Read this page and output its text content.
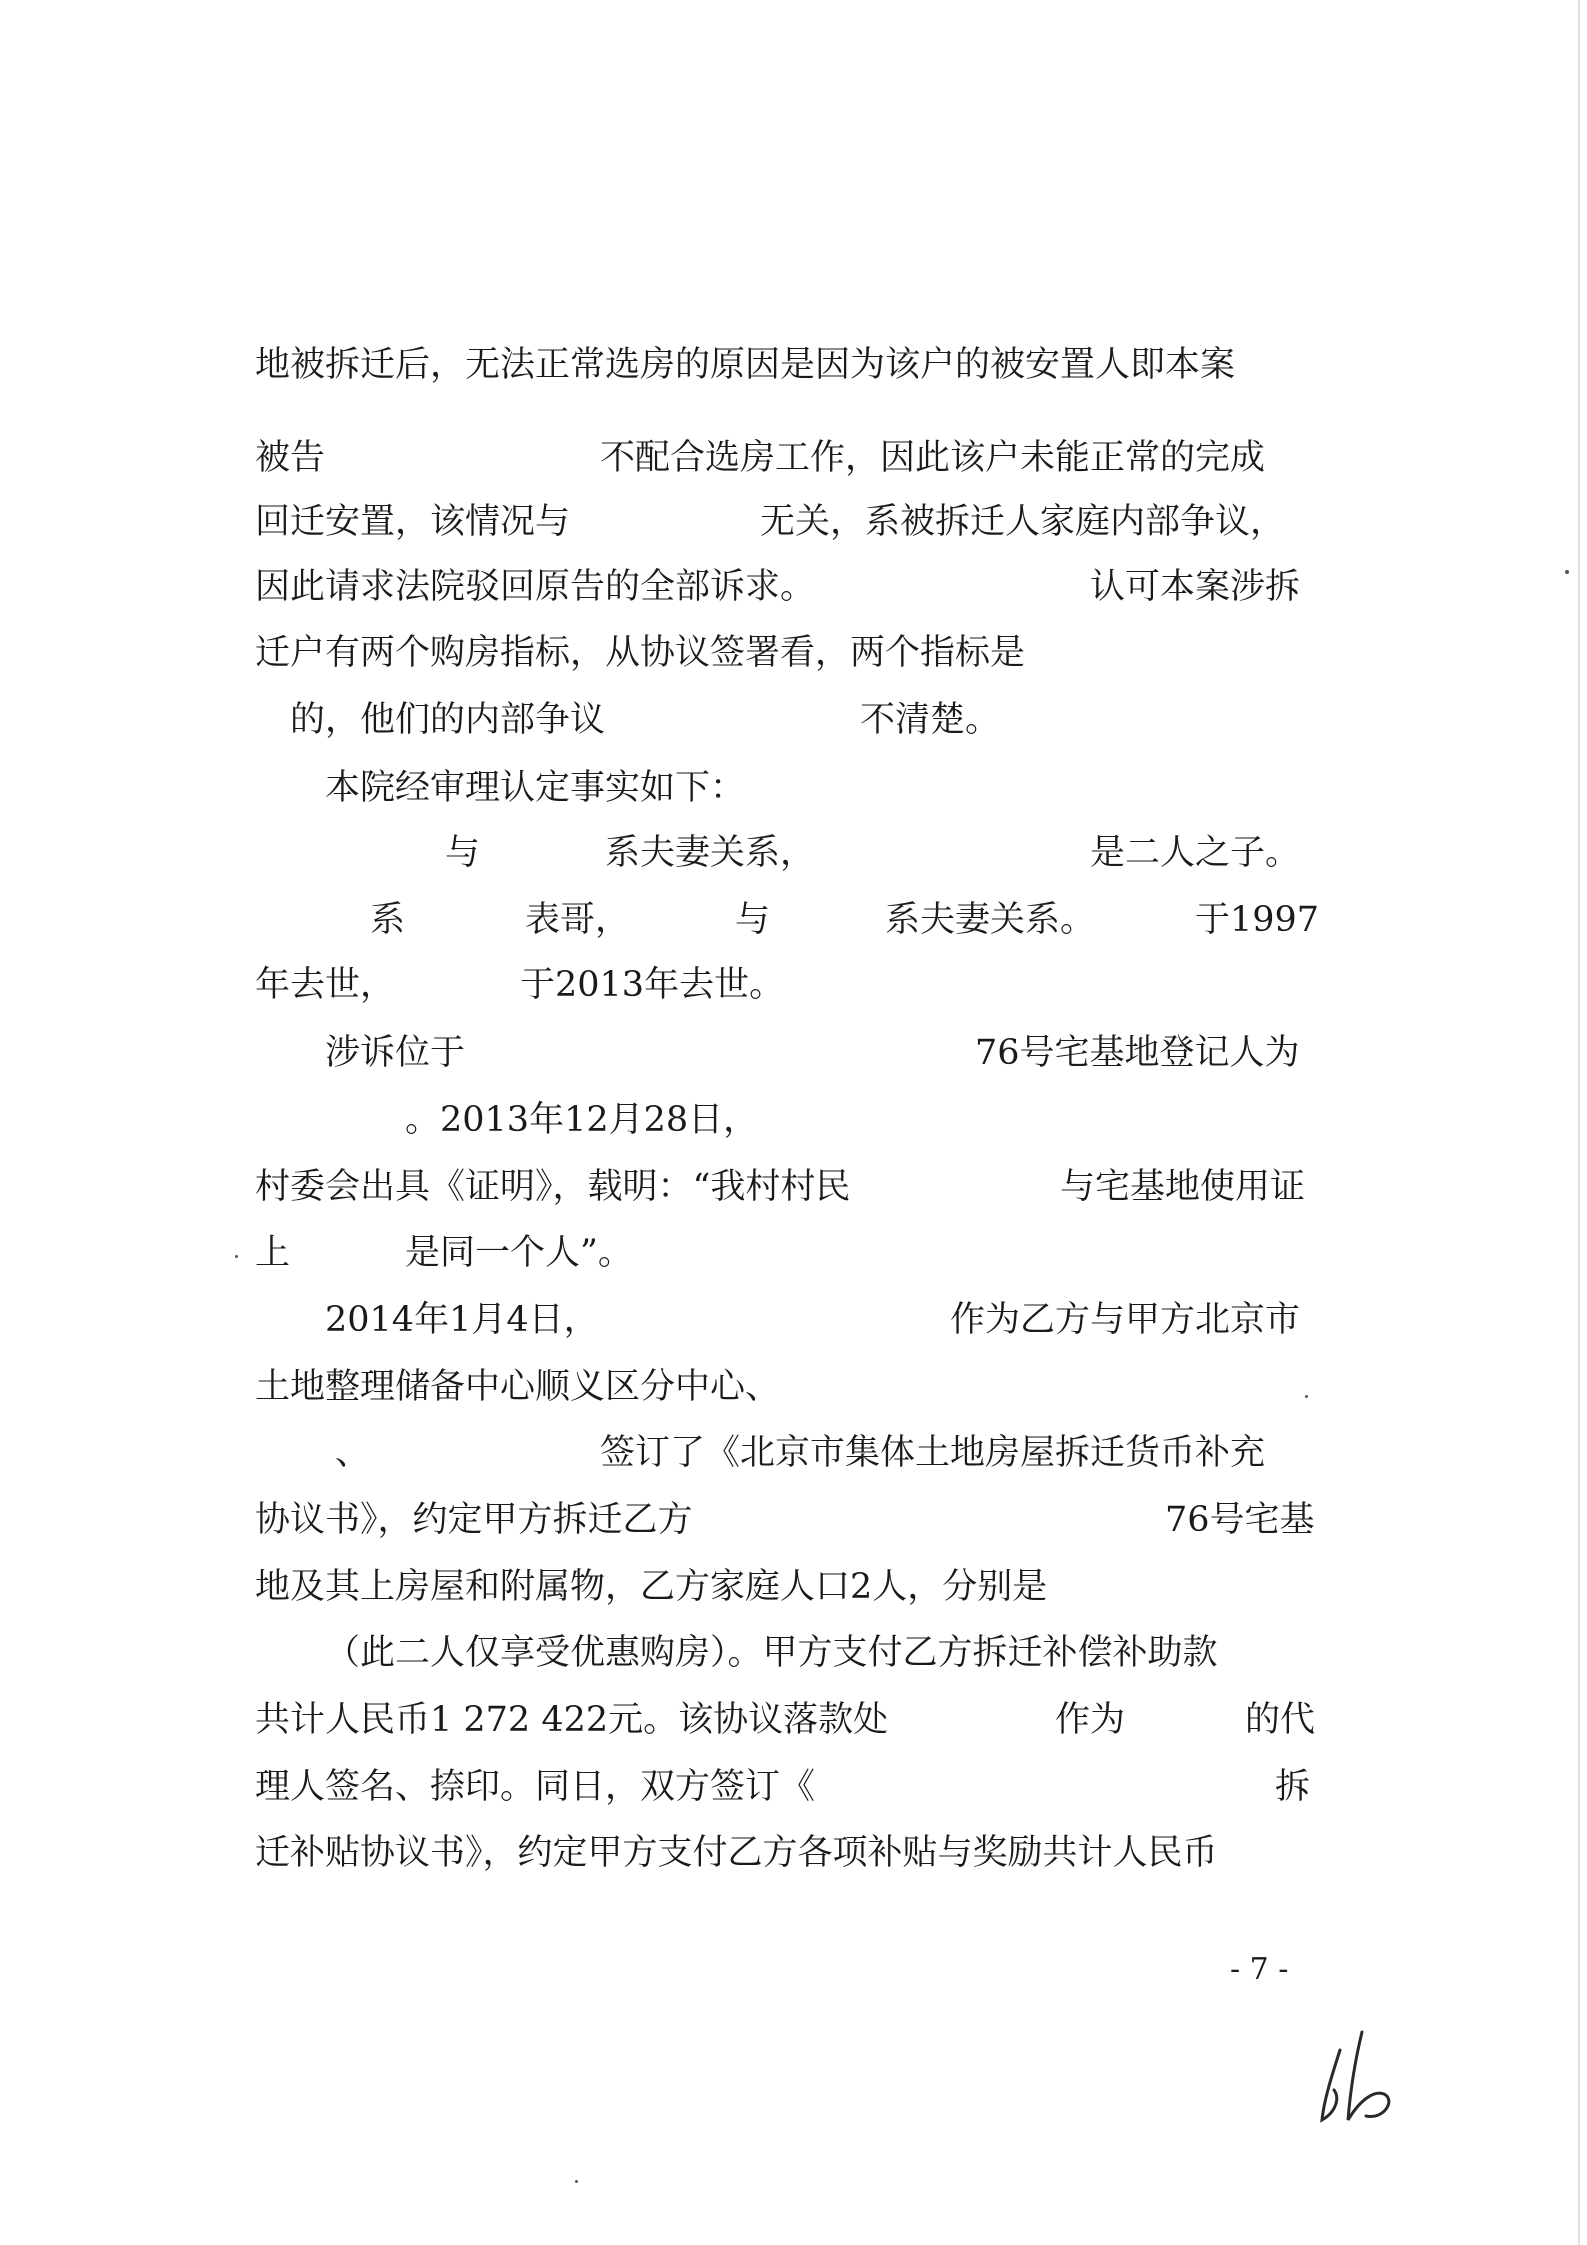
地被拆迁后，无法正常选房的原因是因为该户的被安置人即本案
被告	不配合选房工作，因此该户未能正常的完成
回迁安置，该情况与	无关，系被拆迁人家庭内部争议，
因此请求法院驳回原告的全部诉求。	认可本案涉拆
迁户有两个购房指标，从协议签署看，两个指标是
的，他们的内部争议	不清楚。
本院经审理认定事实如下：
与	系夫妻关系，	是二人之子。
系	表哥，	与	系夫妻关系。	于1997
年去世，	于2013年去世。
涉诉位于	76号宅基地登记人为
。2013年12月28日，
村委会出具《证明》，载明：“我村村民	与宅基地使用证
上	是同一个人”。
2014年1月4日，	作为乙方与甲方北京市
土地整理储备中心顺义区分中心、
、	签订了《北京市集体土地房屋拆迁货币补充
协议书》，约定甲方拆迁乙方	76号宅基
地及其上房屋和附属物，乙方家庭人口2人，分别是
（此二人仅享受优惠购房）。甲方支付乙方拆迁补偿补助款
共计人民币1 272 422元。该协议落款处	作为	的代
理人签名、捺印。同日，双方签订《	拆
迁补贴协议书》，约定甲方支付乙方各项补贴与奖励共计人民币
- 7 -
